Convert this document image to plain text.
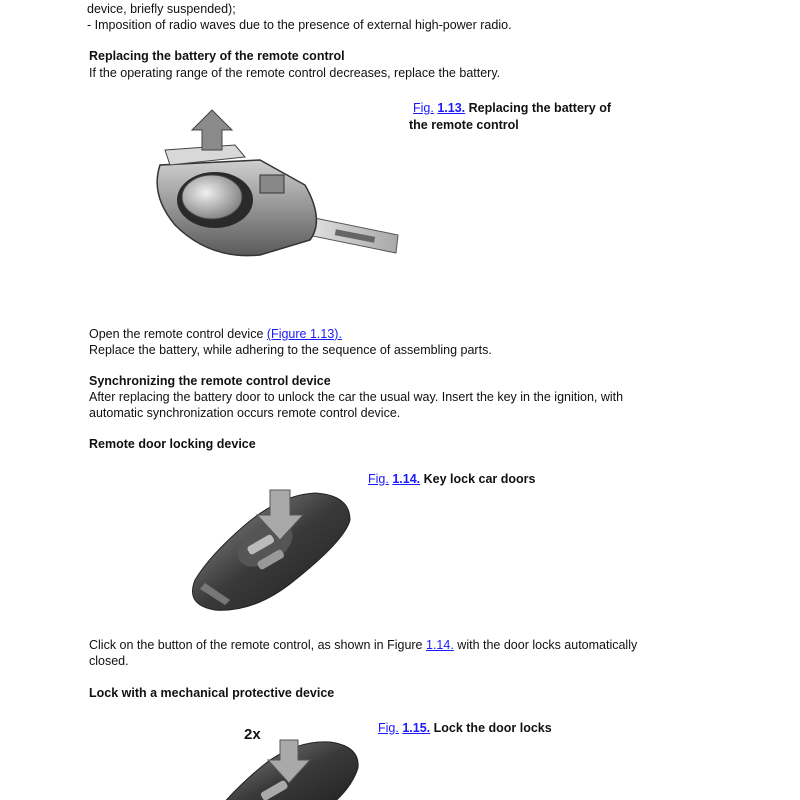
device, briefly suspended);
- Imposition of radio waves due to the presence of external high-power radio.
Replacing the battery of the remote control
If the operating range of the remote control decreases, replace the battery.
Fig. 1.13. Replacing the battery of
the remote control
Open the remote control device (Figure 1.13).
Replace the battery, while adhering to the sequence of assembling parts.
Synchronizing the remote control device
After replacing the battery door to unlock the car the usual way. Insert the key in the ignition, with
automatic synchronization occurs remote control device.
Remote door locking device
Fig. 1.14. Key lock car doors
Click on the button of the remote control, as shown in Figure 1.14. with the door locks automatically
closed.
Lock with a mechanical protective device
Fig. 1.15. Lock the door locks
2x
